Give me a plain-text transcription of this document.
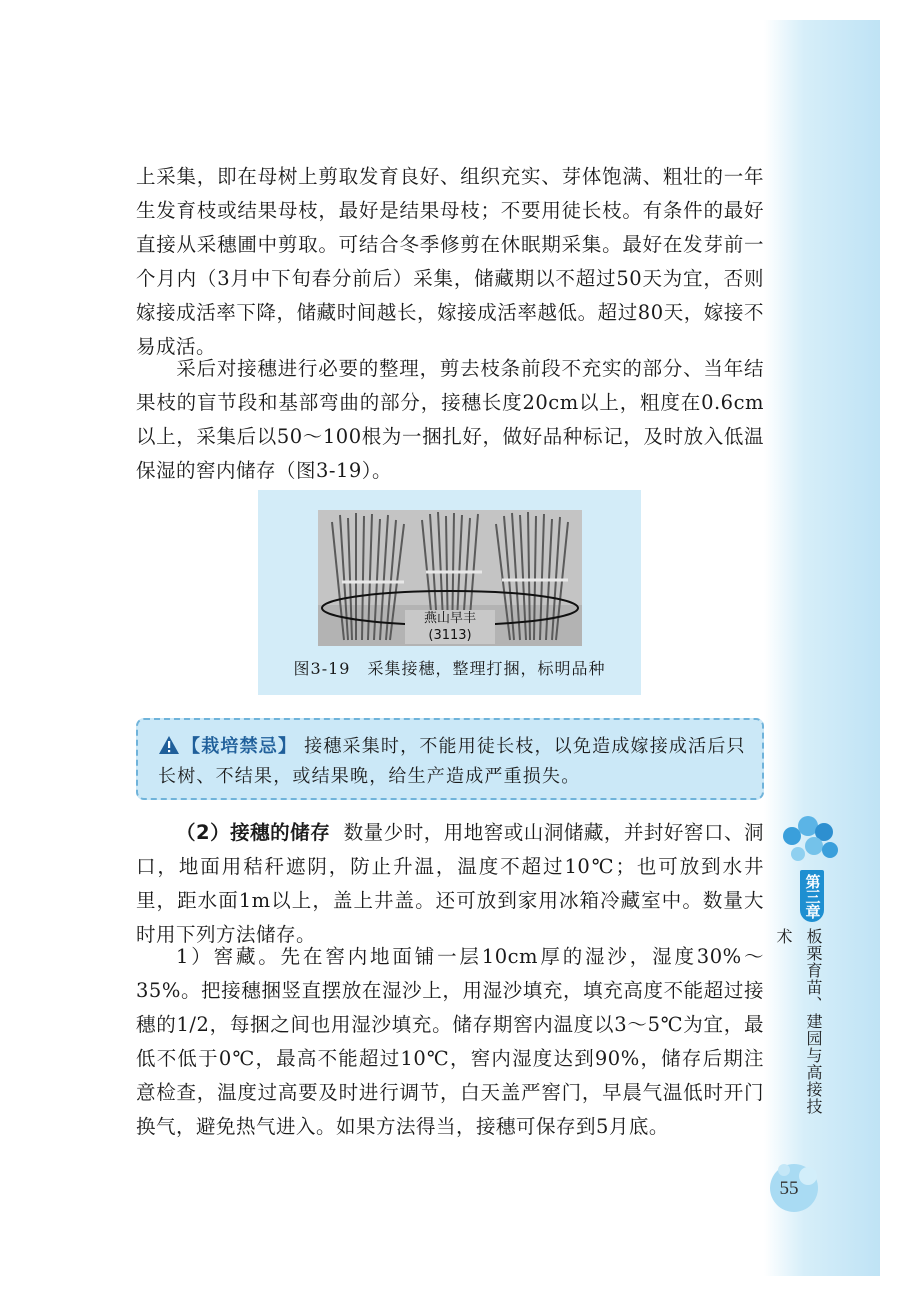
上采集，即在母树上剪取发育良好、组织充实、芽体饱满、粗壮的一年生发育枝或结果母枝，最好是结果母枝；不要用徒长枝。有条件的最好直接从采穗圃中剪取。可结合冬季修剪在休眠期采集。最好在发芽前一个月内（3月中下旬春分前后）采集，储藏期以不超过50天为宜，否则嫁接成活率下降，储藏时间越长，嫁接成活率越低。超过80天，嫁接不易成活。

采后对接穗进行必要的整理，剪去枝条前段不充实的部分、当年结果枝的盲节段和基部弯曲的部分，接穗长度20cm以上，粗度在0.6cm以上，采集后以50～100根为一捆扎好，做好品种标记，及时放入低温保湿的窖内储存（图3-19）。

燕山早丰
(3113)
图3-19　采集接穗，整理打捆，标明品种
【栽培禁忌】 接穗采集时，不能用徒长枝，以免造成嫁接成活后只长树、不结果，或结果晚，给生产造成严重损失。

（2）接穗的储存 数量少时，用地窖或山洞储藏，并封好窖口、洞口，地面用秸秆遮阴，防止升温，温度不超过10℃；也可放到水井里，距水面1m以上，盖上井盖。还可放到家用冰箱冷藏室中。数量大时用下列方法储存。

1）窖藏。先在窖内地面铺一层10cm厚的湿沙，湿度30%～35%。把接穗捆竖直摆放在湿沙上，用湿沙填充，填充高度不能超过接穗的1/2，每捆之间也用湿沙填充。储存期窖内温度以3～5℃为宜，最低不低于0℃，最高不能超过10℃，窖内湿度达到90%，储存后期注意检查，温度过高要及时进行调节，白天盖严窖门，早晨气温低时开门换气，避免热气进入。如果方法得当，接穗可保存到5月底。

第三章
板栗育苗、建园与高接技术
55
